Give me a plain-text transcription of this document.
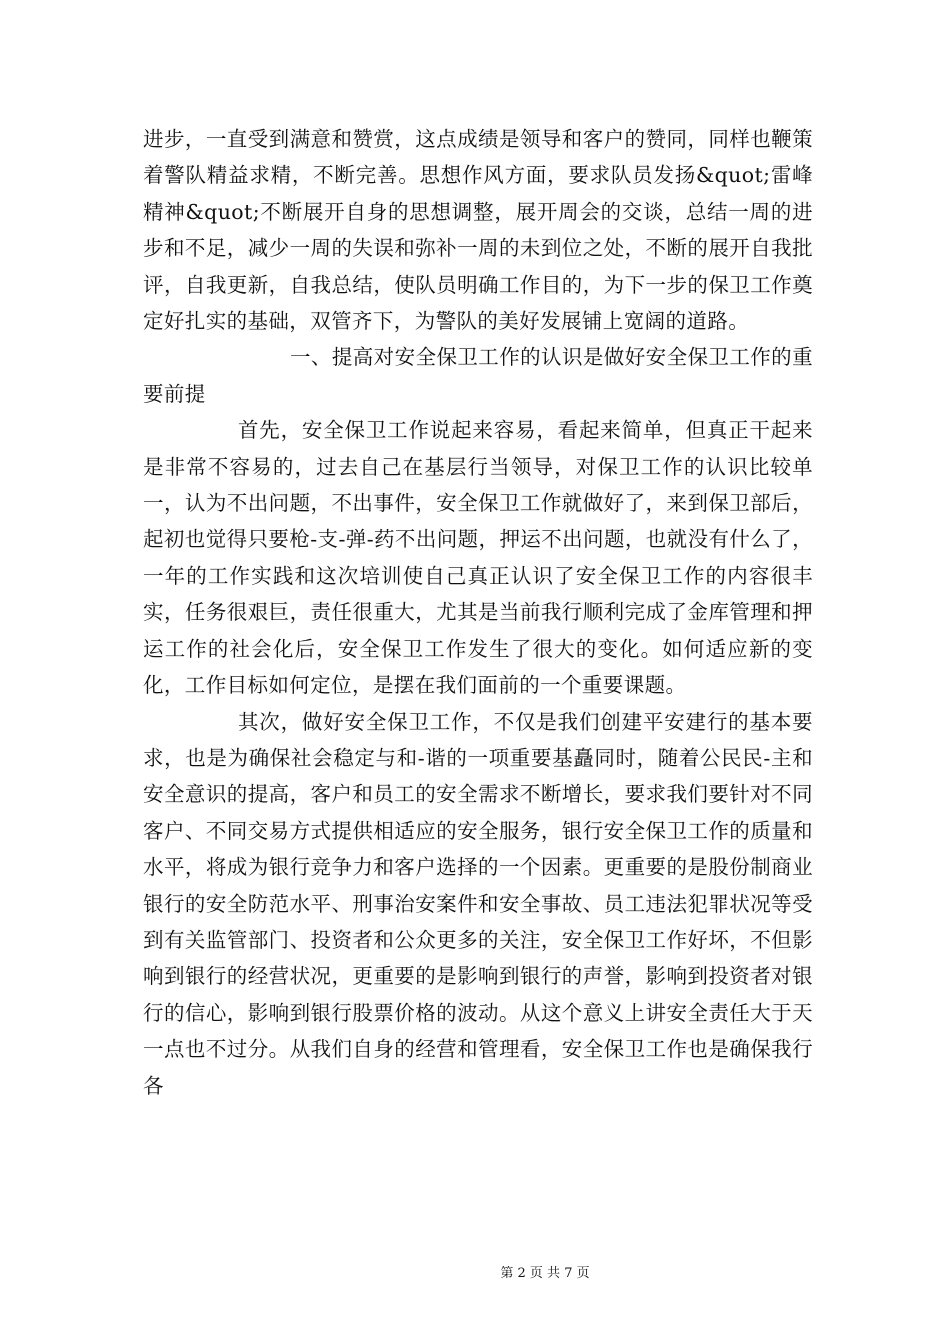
进步，一直受到满意和赞赏，这点成绩是领导和客户的赞同，同样也鞭策着警队精益求精，不断完善。思想作风方面，要求队员发扬&quot;雷峰精神&quot;不断展开自身的思想调整，展开周会的交谈，总结一周的进步和不足，减少一周的失误和弥补一周的未到位之处，不断的展开自我批评，自我更新，自我总结，使队员明确工作目的，为下一步的保卫工作奠定好扎实的基础，双管齐下，为警队的美好发展铺上宽阔的道路。

一、提高对安全保卫工作的认识是做好安全保卫工作的重要前提

首先，安全保卫工作说起来容易，看起来简单，但真正干起来是非常不容易的，过去自己在基层行当领导，对保卫工作的认识比较单一，认为不出问题，不出事件，安全保卫工作就做好了，来到保卫部后，起初也觉得只要枪-支-弹-药不出问题，押运不出问题，也就没有什么了，一年的工作实践和这次培训使自己真正认识了安全保卫工作的内容很丰实，任务很艰巨，责任很重大，尤其是当前我行顺利完成了金库管理和押运工作的社会化后，安全保卫工作发生了很大的变化。如何适应新的变化，工作目标如何定位，是摆在我们面前的一个重要课题。

其次，做好安全保卫工作，不仅是我们创建平安建行的基本要求，也是为确保社会稳定与和-谐的一项重要基矗同时，随着公民民-主和安全意识的提高，客户和员工的安全需求不断增长，要求我们要针对不同客户、不同交易方式提供相适应的安全服务，银行安全保卫工作的质量和水平，将成为银行竞争力和客户选择的一个因素。更重要的是股份制商业银行的安全防范水平、刑事治安案件和安全事故、员工违法犯罪状况等受到有关监管部门、投资者和公众更多的关注，安全保卫工作好坏，不但影响到银行的经营状况，更重要的是影响到银行的声誉，影响到投资者对银行的信心，影响到银行股票价格的波动。从这个意义上讲安全责任大于天一点也不过分。从我们自身的经营和管理看，安全保卫工作也是确保我行各

第 2 页 共 7 页
